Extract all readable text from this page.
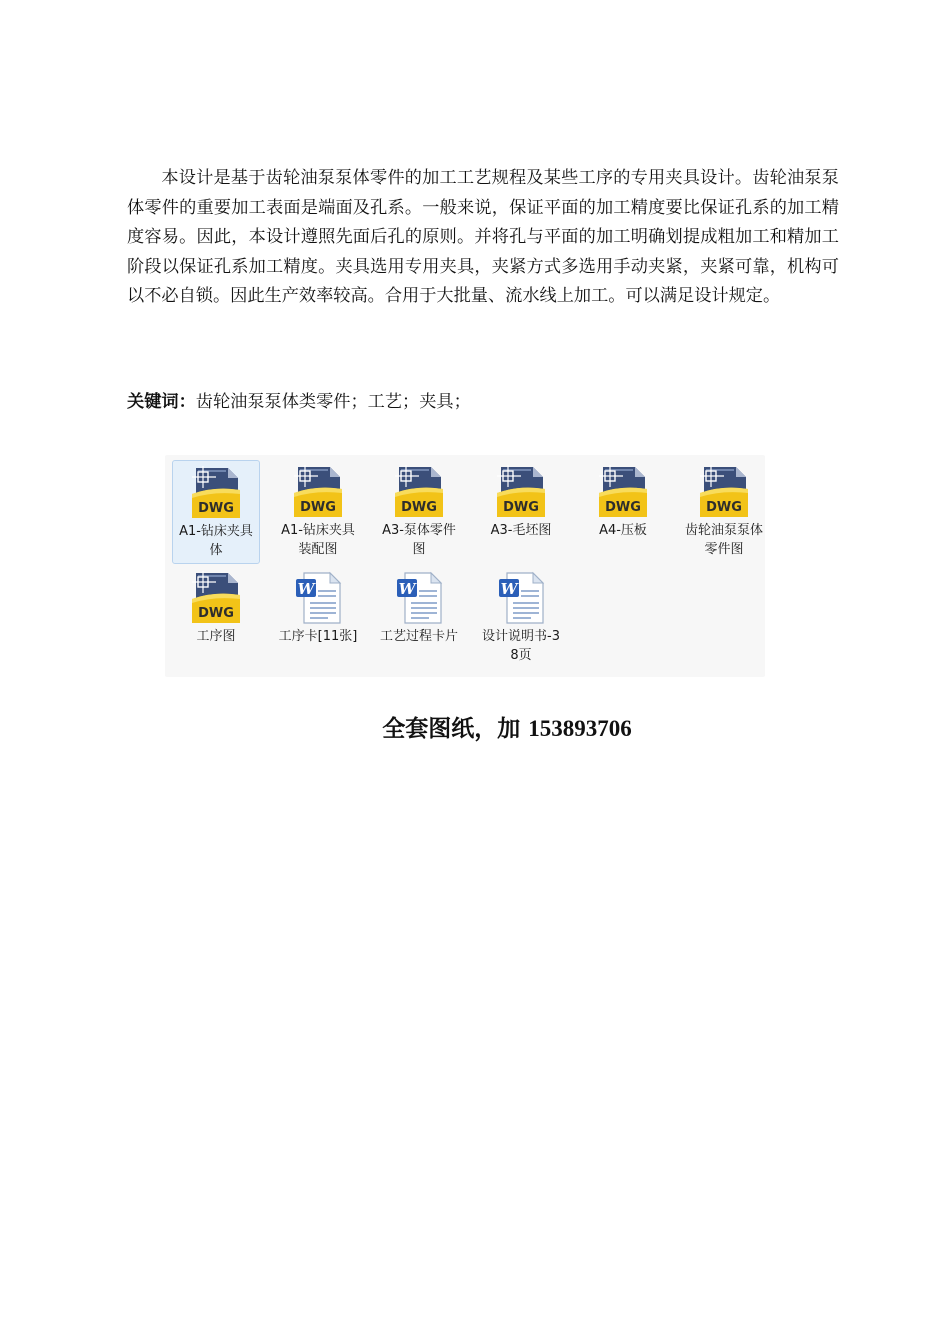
本设计是基于齿轮油泵泵体零件的加工工艺规程及某些工序的专用夹具设计。齿轮油泵泵体零件的重要加工表面是端面及孔系。一般来说，保证平面的加工精度要比保证孔系的加工精度容易。因此，本设计遵照先面后孔的原则。并将孔与平面的加工明确划提成粗加工和精加工阶段以保证孔系加工精度。夹具选用专用夹具，夹紧方式多选用手动夹紧，夹紧可靠，机构可以不必自锁。因此生产效率较高。合用于大批量、流水线上加工。可以满足设计规定。

关键词：齿轮油泵泵体类零件；工艺；夹具；
DWG
A1-钻床夹具体
DWG
A1-钻床夹具装配图
DWG
A3-泵体零件图
DWG
A3-毛坯图
DWG
A4-压板
DWG
齿轮油泵泵体零件图
DWG
工序图
W
工序卡[11张]
W
工艺过程卡片
W
设计说明书-38页
全套图纸，加 153893706
